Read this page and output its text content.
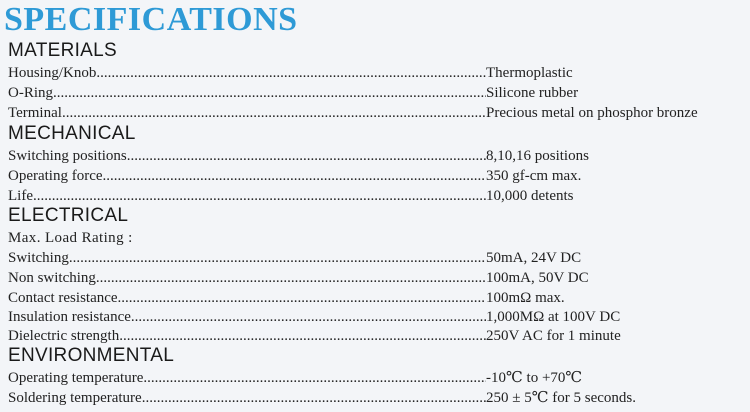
SPECIFICATIONS
MATERIALS
Housing/Knob .....	Thermoplastic
O-Ring .....	Silicone rubber
Terminal .....	Precious metal on phosphor bronze
MECHANICAL
Switching positions .....	8,10,16 positions
Operating force .....	350 gf-cm max.
Life .....	10,000 detents
ELECTRICAL
Max. Load Rating :
Switching .....	50mA, 24V DC
Non switching .....	100mA, 50V DC
Contact resistance .....	100mΩ max.
Insulation resistance .....	1,000MΩ at 100V DC
Dielectric strength .....	250V AC for 1 minute
ENVIRONMENTAL
Operating temperature .....	-10℃ to +70℃
Soldering temperature .....	250 ± 5℃ for 5 seconds.
